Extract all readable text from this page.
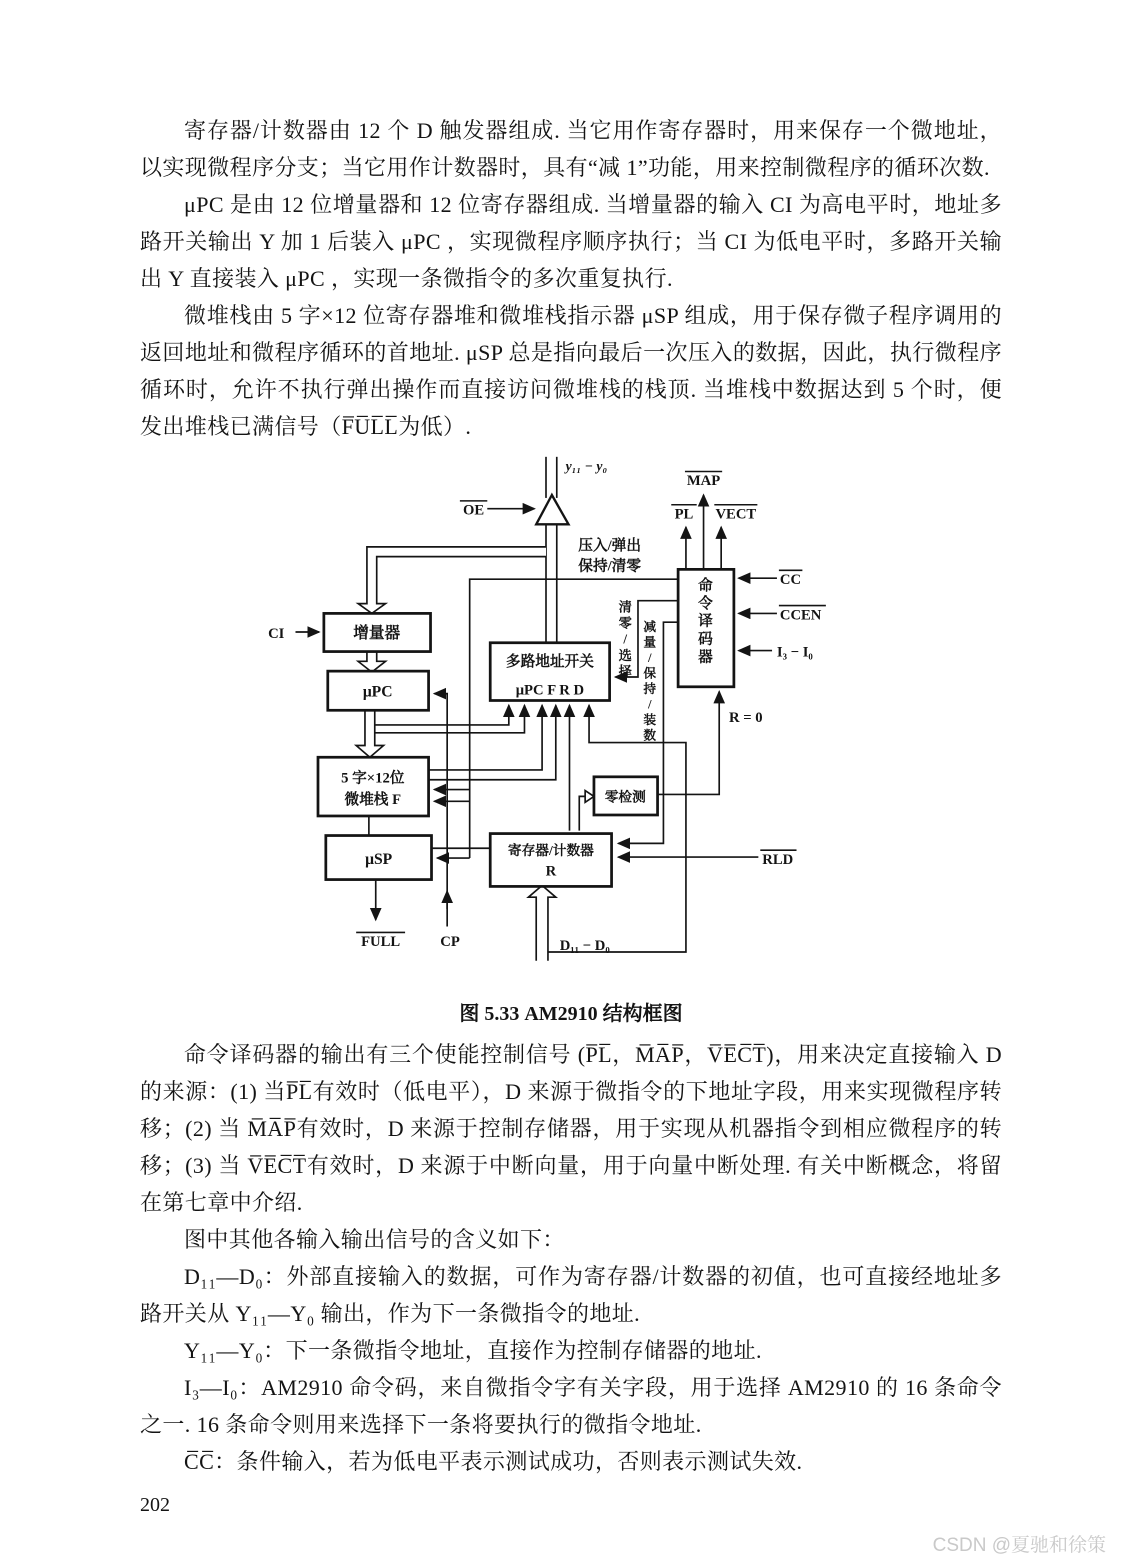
寄存器/计数器由 12 个 D 触发器组成. 当它用作寄存器时，用来保存一个微地址，以实现微程序分支；当它用作计数器时，具有“减 1”功能，用来控制微程序的循环次数.

μPC 是由 12 位增量器和 12 位寄存器组成. 当增量器的输入 CI 为高电平时，地址多路开关输出 Y 加 1 后装入 μPC ，实现微程序顺序执行；当 CI 为低电平时，多路开关输出 Y 直接装入 μPC ，实现一条微指令的多次重复执行.

微堆栈由 5 字×12 位寄存器堆和微堆栈指示器 μSP 组成，用于保存微子程序调用的返回地址和微程序循环的首地址. μSP 总是指向最后一次压入的数据，因此，执行微程序循环时，允许不执行弹出操作而直接访问微堆栈的栈顶. 当堆栈中数据达到 5 个时，便发出堆栈已满信号（F̅U̅L̅L̅为低）.

增量器
μPC
5 字×12位
微堆栈 F
μSP
多路地址开关
μPC F R D
零检测
寄存器/计数器
R
命令译码器
y₁₁ − y₀
OE
MAP
PL VECT
压入/弹出
保持/清零
CC
CCEN
I₃ − I₀
R = 0
RLD
FULL	CP	D₁₁ − D₀
CI
清零/选择
减量/保持/装数
图 5.33 AM2910 结构框图

命令译码器的输出有三个使能控制信号 (P̅L̅，M̅A̅P̅，V̅E̅C̅T̅)，用来决定直接输入 D 的来源：(1) 当P̅L̅有效时（低电平），D 来源于微指令的下地址字段，用来实现微程序转移；(2) 当 M̅A̅P̅有效时，D 来源于控制存储器，用于实现从机器指令到相应微程序的转移；(3) 当 V̅E̅C̅T̅有效时，D 来源于中断向量，用于向量中断处理. 有关中断概念，将留在第七章中介绍.

图中其他各输入输出信号的含义如下：

D₁₁—D₀：外部直接输入的数据，可作为寄存器/计数器的初值，也可直接经地址多路开关从 Y₁₁—Y₀ 输出，作为下一条微指令的地址.

Y₁₁—Y₀：下一条微指令地址，直接作为控制存储器的地址.

I₃—I₀：AM2910 命令码，来自微指令字有关字段，用于选择 AM2910 的 16 条命令之一. 16 条命令则用来选择下一条将要执行的微指令地址.

C̅C̅：条件输入，若为低电平表示测试成功，否则表示测试失效.

202
CSDN @夏驰和徐策
